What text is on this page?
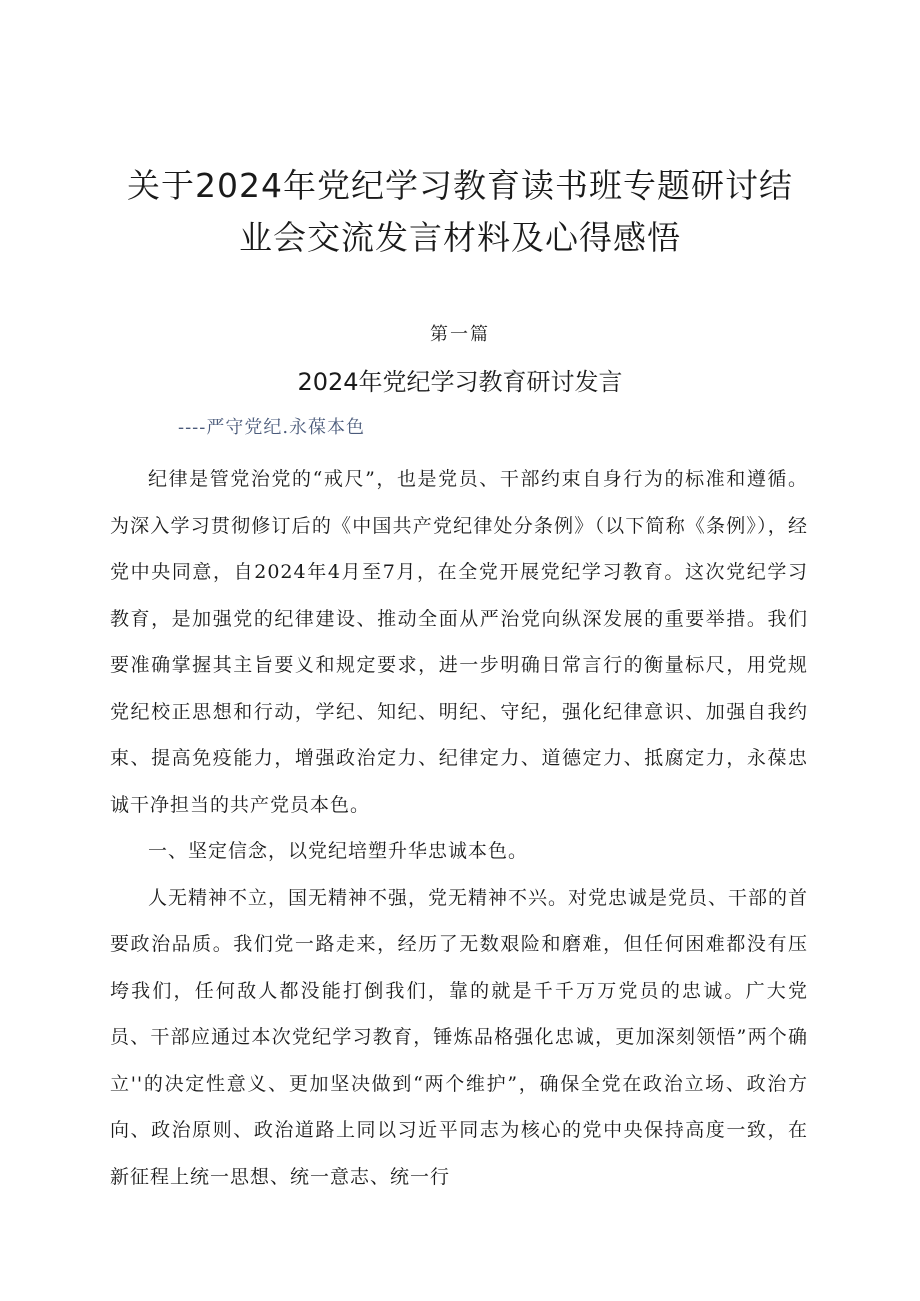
关于2024年党纪学习教育读书班专题研讨结
业会交流发言材料及心得感悟
第一篇
2024年党纪学习教育研讨发言
----严守党纪.永葆本色

纪律是管党治党的“戒尺”，也是党员、干部约束自身行为的标准和遵循。为深入学习贯彻修订后的《中国共产党纪律处分条例》（以下简称《条例》），经党中央同意，自2024年4月至7月，在全党开展党纪学习教育。这次党纪学习教育，是加强党的纪律建设、推动全面从严治党向纵深发展的重要举措。我们要准确掌握其主旨要义和规定要求，进一步明确日常言行的衡量标尺，用党规党纪校正思想和行动，学纪、知纪、明纪、守纪，强化纪律意识、加强自我约束、提高免疫能力，增强政治定力、纪律定力、道德定力、抵腐定力，永葆忠诚干净担当的共产党员本色。

一、坚定信念，以党纪培塑升华忠诚本色。

人无精神不立，国无精神不强，党无精神不兴。对党忠诚是党员、干部的首要政治品质。我们党一路走来，经历了无数艰险和磨难，但任何困难都没有压垮我们，任何敌人都没能打倒我们，靠的就是千千万万党员的忠诚。广大党员、干部应通过本次党纪学习教育，锤炼品格强化忠诚，更加深刻领悟”两个确立''的决定性意义、更加坚决做到“两个维护”，确保全党在政治立场、政治方向、政治原则、政治道路上同以习近平同志为核心的党中央保持高度一致，在新征程上统一思想、统一意志、统一行
